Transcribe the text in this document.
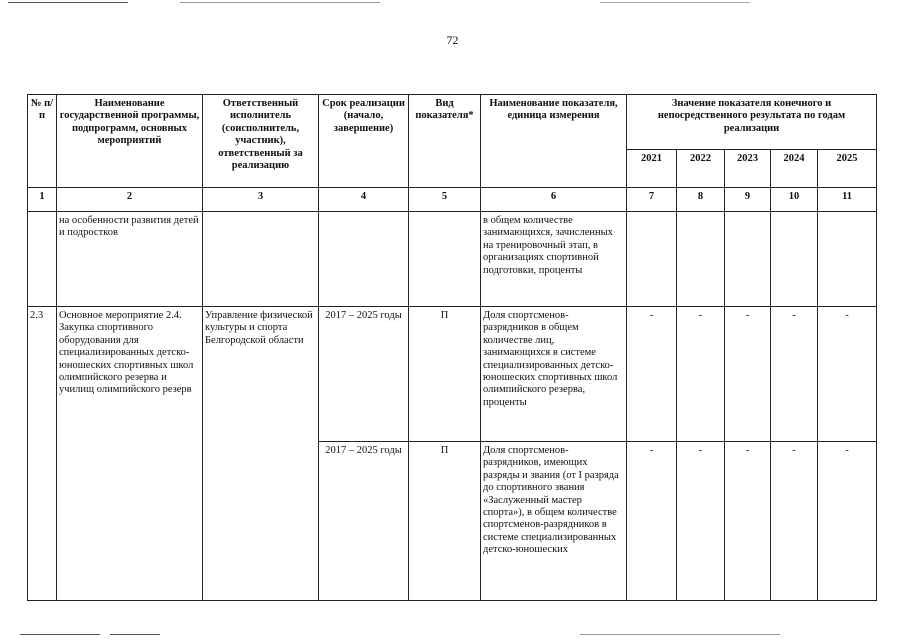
72
№ п/п	Наименование государственной программы, подпрограмм, основных мероприятий	Ответственный исполнитель (соисполнитель, участник), ответственный за реализацию	Срок реализации (начало, завершение)	Вид показателя*	Наименование показателя, единица измерения	Значение показателя конечного и непосредственного результата по годам реализации				
						2021	2022	2023	2024	2025
1	2	3	4	5	6	7	8	9	10	11
	на особенности развития детей и подростков				в общем количестве занимающихся, зачисленных на тренировочный этап, в организациях спортивной подготовки, проценты					
2.3	Основное мероприятие 2.4. Закупка спортивного оборудования для специализированных детско-юношеских спортивных школ олимпийского резерва и училищ олимпийского резерв	Управление физической культуры и спорта Белгородской области	2017 – 2025 годы	П	Доля спортсменов-разрядников в общем количестве лиц, занимающихся в системе специализированных детско-юношеских спортивных школ олимпийского резерва, проценты	-	-	-	-	-
			2017 – 2025 годы	П	Доля спортсменов-разрядников, имеющих разряды и звания (от I разряда до спортивного звания «Заслуженный мастер спорта»), в общем количестве спортсменов-разрядников в системе специализированных детско-юношеских	-	-	-	-	-
